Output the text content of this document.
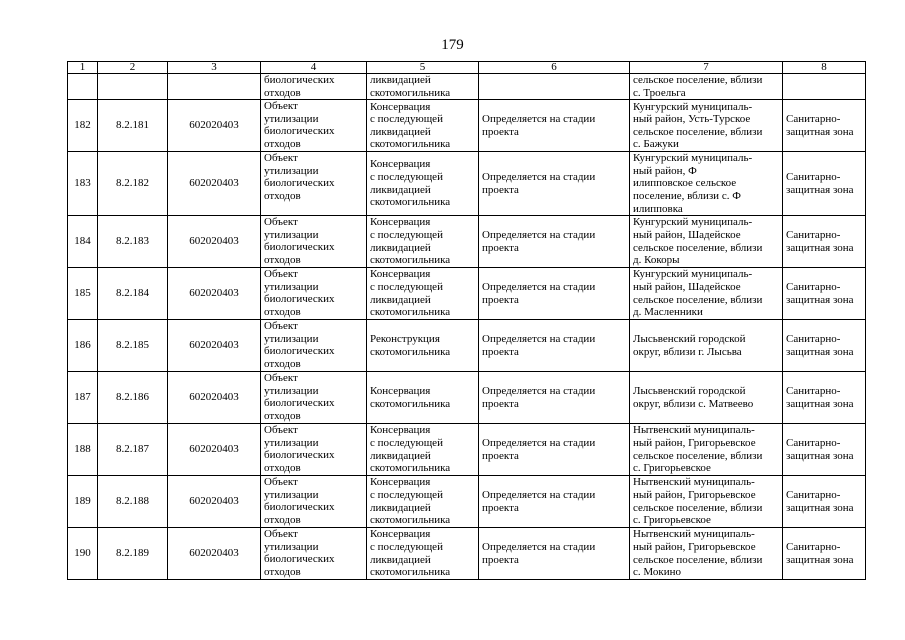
179
1	2	3	4	5	6	7	8

			биологических
отходов	ликвидацией
скотомогильника		сельское поселение, вблизи
с. Троельга	

182	8.2.181	602020403	Объект
утилизации
биологических
отходов	Консервация
с последующей
ликвидацией
скотомогильника	Определяется на стадии
проекта	Кунгурский муниципаль-
ный район, Усть-Турское
сельское поселение, вблизи
с. Бажуки	Санитарно-
защитная зона

183	8.2.182	602020403	Объект
утилизации
биологических
отходов	Консервация
с последующей
ликвидацией
скотомогильника	Определяется на стадии
проекта	Кунгурский муниципаль-
ный район, Ф
илипповское сельское
поселение, вблизи с. Ф
илипповка	Санитарно-
защитная зона

184	8.2.183	602020403	Объект
утилизации
биологических
отходов	Консервация
с последующей
ликвидацией
скотомогильника	Определяется на стадии
проекта	Кунгурский муниципаль-
ный район, Шадейское
сельское поселение, вблизи
д. Кокоры	Санитарно-
защитная зона

185	8.2.184	602020403	Объект
утилизации
биологических
отходов	Консервация
с последующей
ликвидацией
скотомогильника	Определяется на стадии
проекта	Кунгурский муниципаль-
ный район, Шадейское
сельское поселение, вблизи
д. Масленники	Санитарно-
защитная зона

186	8.2.185	602020403	Объект
утилизации
биологических
отходов	Реконструкция
скотомогильника	Определяется на стадии
проекта	Лысьвенский городской
округ, вблизи г. Лысьва	Санитарно-
защитная зона

187	8.2.186	602020403	Объект
утилизации
биологических
отходов	Консервация
скотомогильника	Определяется на стадии
проекта	Лысьвенский городской
округ, вблизи с. Матвеево	Санитарно-
защитная зона

188	8.2.187	602020403	Объект
утилизации
биологических
отходов	Консервация
с последующей
ликвидацией
скотомогильника	Определяется на стадии
проекта	Нытвенский муниципаль-
ный район, Григорьевское
сельское поселение, вблизи
с. Григорьевское	Санитарно-
защитная зона

189	8.2.188	602020403	Объект
утилизации
биологических
отходов	Консервация
с последующей
ликвидацией
скотомогильника	Определяется на стадии
проекта	Нытвенский муниципаль-
ный район, Григорьевское
сельское поселение, вблизи
с. Григорьевское	Санитарно-
защитная зона

190	8.2.189	602020403	Объект
утилизации
биологических
отходов	Консервация
с последующей
ликвидацией
скотомогильника	Определяется на стадии
проекта	Нытвенский муниципаль-
ный район, Григорьевское
сельское поселение, вблизи
с. Мокино	Санитарно-
защитная зона
